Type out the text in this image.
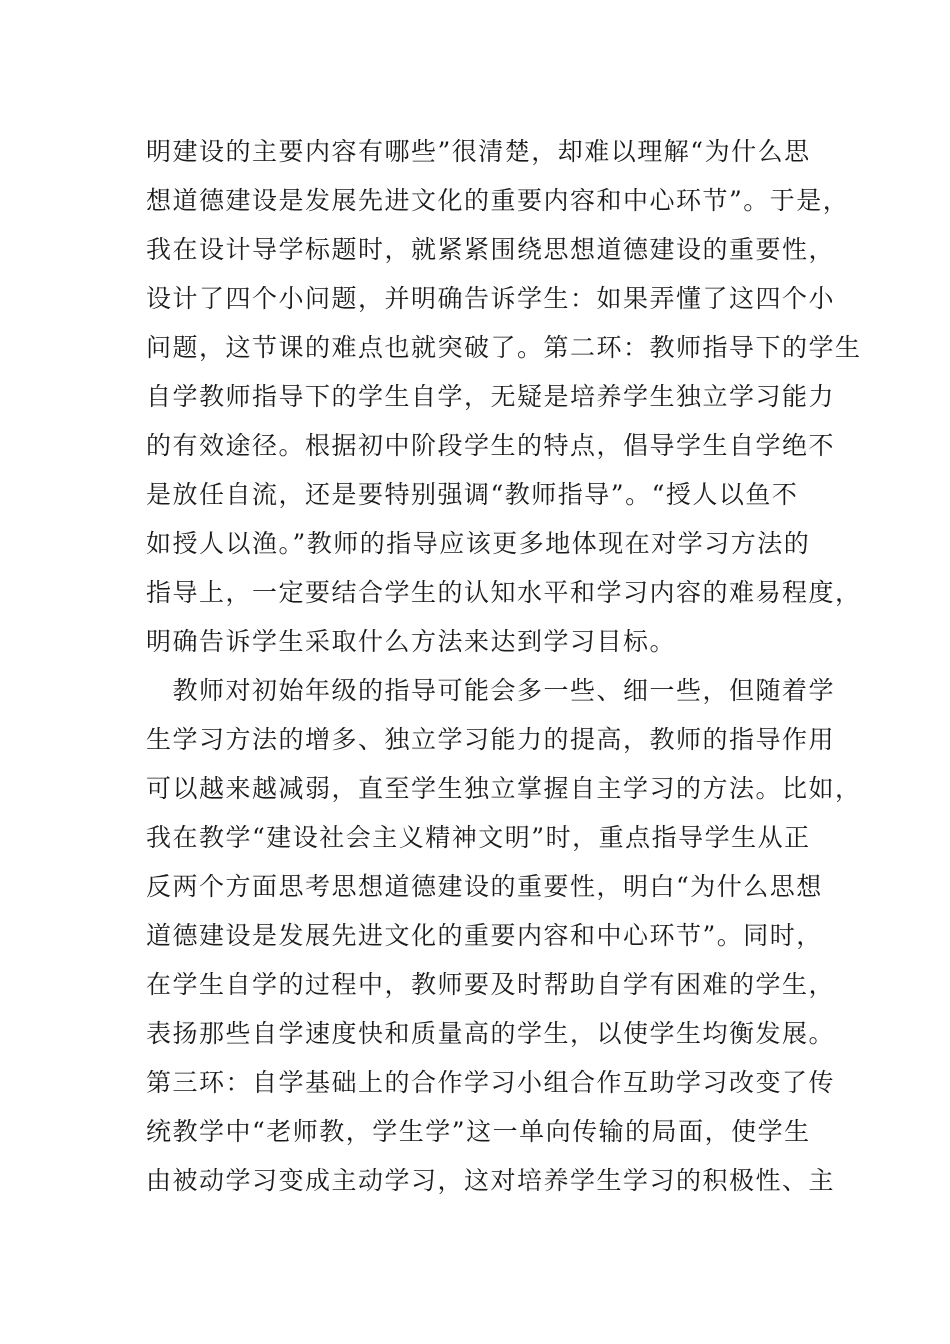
明建设的主要内容有哪些”很清楚，却难以理解“为什么思
想道德建设是发展先进文化的重要内容和中心环节”。于是，
我在设计导学标题时，就紧紧围绕思想道德建设的重要性，
设计了四个小问题，并明确告诉学生：如果弄懂了这四个小
问题，这节课的难点也就突破了。第二环：教师指导下的学生
自学教师指导下的学生自学，无疑是培养学生独立学习能力
的有效途径。根据初中阶段学生的特点，倡导学生自学绝不
是放任自流，还是要特别强调“教师指导”。“授人以鱼不
如授人以渔。”教师的指导应该更多地体现在对学习方法的
指导上，一定要结合学生的认知水平和学习内容的难易程度，
明确告诉学生采取什么方法来达到学习目标。
　教师对初始年级的指导可能会多一些、细一些，但随着学
生学习方法的增多、独立学习能力的提高，教师的指导作用
可以越来越减弱，直至学生独立掌握自主学习的方法。比如，
我在教学“建设社会主义精神文明”时，重点指导学生从正
反两个方面思考思想道德建设的重要性，明白“为什么思想
道德建设是发展先进文化的重要内容和中心环节”。同时，
在学生自学的过程中，教师要及时帮助自学有困难的学生，
表扬那些自学速度快和质量高的学生，以使学生均衡发展。
第三环：自学基础上的合作学习小组合作互助学习改变了传
统教学中“老师教，学生学”这一单向传输的局面，使学生
由被动学习变成主动学习，这对培养学生学习的积极性、主
